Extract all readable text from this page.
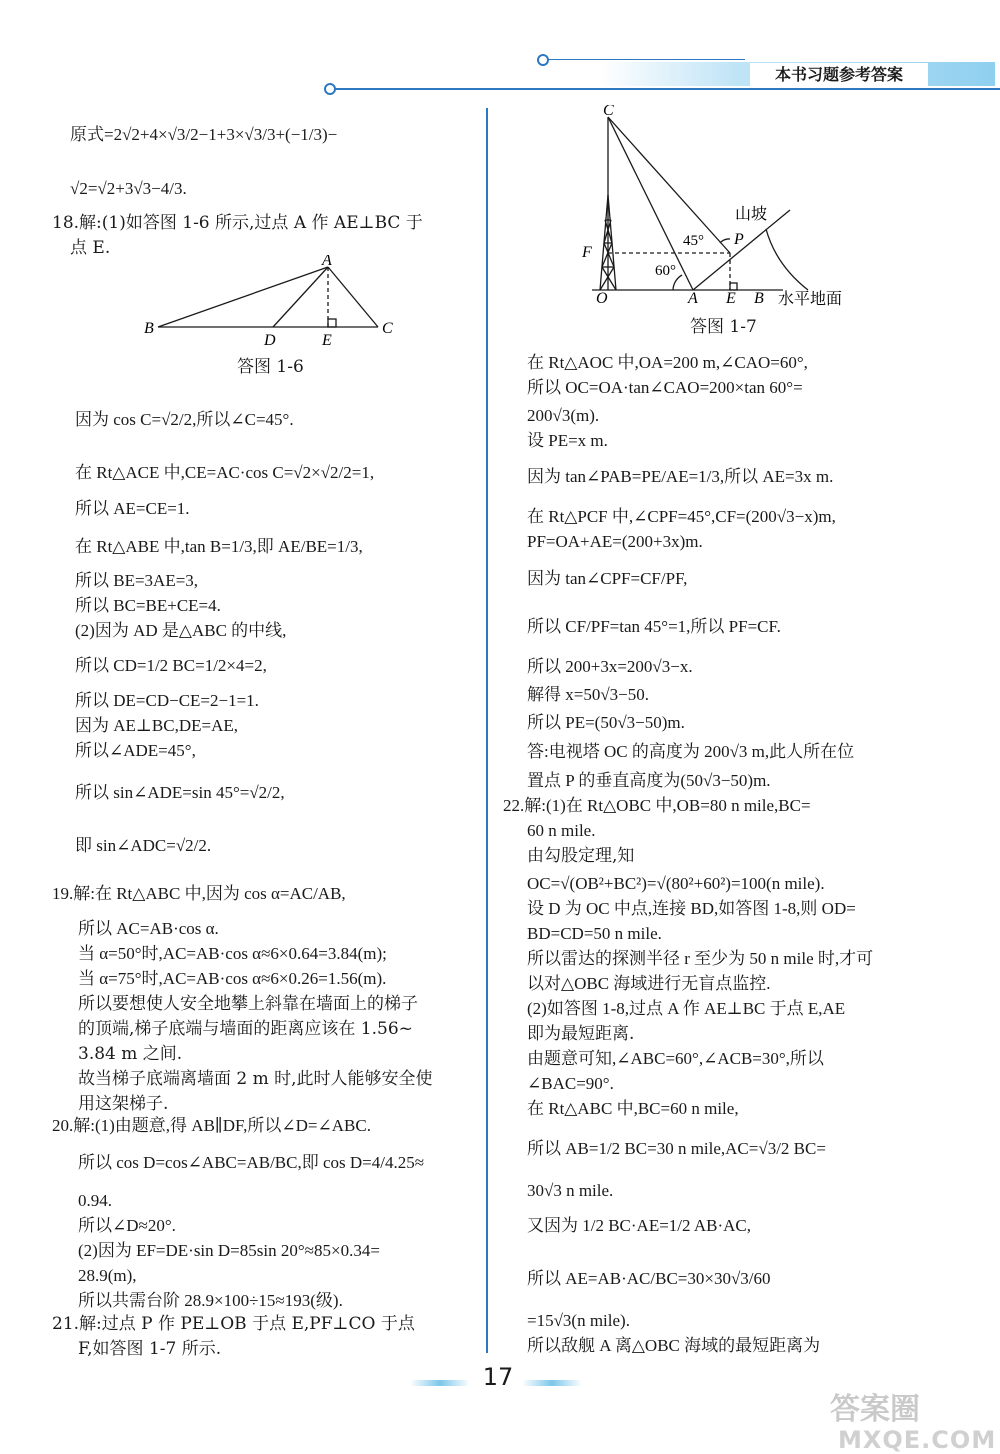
本书习题参考答案
A
B	C
D	E
答图 1-6
C
F
O	A E B
P
45°
60°
山坡
水平地面
答图 1-7
原式=2√2+4×√3/2−1+3×√3/3+(−1/3)−
√2=√2+3√3−4/3.
18.解:(1)如答图 1-6 所示,过点 A 作 AE⊥BC 于
点 E.
因为 cos C=√2/2,所以∠C=45°.
在 Rt△ACE 中,CE=AC·cos C=√2×√2/2=1,
所以 AE=CE=1.
在 Rt△ABE 中,tan B=1/3,即 AE/BE=1/3,
所以 BE=3AE=3,
所以 BC=BE+CE=4.
(2)因为 AD 是△ABC 的中线,
所以 CD=1/2 BC=1/2×4=2,
所以 DE=CD−CE=2−1=1.
因为 AE⊥BC,DE=AE,
所以∠ADE=45°,
所以 sin∠ADE=sin 45°=√2/2,
即 sin∠ADC=√2/2.
19.解:在 Rt△ABC 中,因为 cos α=AC/AB,
所以 AC=AB·cos α.
当 α=50°时,AC=AB·cos α≈6×0.64=3.84(m);
当 α=75°时,AC=AB·cos α≈6×0.26=1.56(m).
所以要想使人安全地攀上斜靠在墙面上的梯子
的顶端,梯子底端与墙面的距离应该在 1.56~
3.84 m 之间.
故当梯子底端离墙面 2 m 时,此时人能够安全使
用这架梯子.
20.解:(1)由题意,得 AB∥DF,所以∠D=∠ABC.
所以 cos D=cos∠ABC=AB/BC,即 cos D=4/4.25≈
0.94.
所以∠D≈20°.
(2)因为 EF=DE·sin D=85sin 20°≈85×0.34=
28.9(m),
所以共需台阶 28.9×100÷15≈193(级).
21.解:过点 P 作 PE⊥OB 于点 E,PF⊥CO 于点
F,如答图 1-7 所示.
在 Rt△AOC 中,OA=200 m,∠CAO=60°,
所以 OC=OA·tan∠CAO=200×tan 60°=
200√3(m).
设 PE=x m.
因为 tan∠PAB=PE/AE=1/3,所以 AE=3x m.
在 Rt△PCF 中,∠CPF=45°,CF=(200√3−x)m,
PF=OA+AE=(200+3x)m.
因为 tan∠CPF=CF/PF,
所以 CF/PF=tan 45°=1,所以 PF=CF.
所以 200+3x=200√3−x.
解得 x=50√3−50.
所以 PE=(50√3−50)m.
答:电视塔 OC 的高度为 200√3 m,此人所在位
置点 P 的垂直高度为(50√3−50)m.
22.解:(1)在 Rt△OBC 中,OB=80 n mile,BC=
60 n mile.
由勾股定理,知
OC=√(OB²+BC²)=√(80²+60²)=100(n mile).
设 D 为 OC 中点,连接 BD,如答图 1-8,则 OD=
BD=CD=50 n mile.
所以雷达的探测半径 r 至少为 50 n mile 时,才可
以对△OBC 海域进行无盲点监控.
(2)如答图 1-8,过点 A 作 AE⊥BC 于点 E,AE
即为最短距离.
由题意可知,∠ABC=60°,∠ACB=30°,所以
∠BAC=90°.
在 Rt△ABC 中,BC=60 n mile,
所以 AB=1/2 BC=30 n mile,AC=√3/2 BC=
30√3 n mile.
又因为 1/2 BC·AE=1/2 AB·AC,
所以 AE=AB·AC/BC=30×30√3/60
=15√3(n mile).
所以敌舰 A 离△OBC 海域的最短距离为
17
答案圈
MXQE.COM
